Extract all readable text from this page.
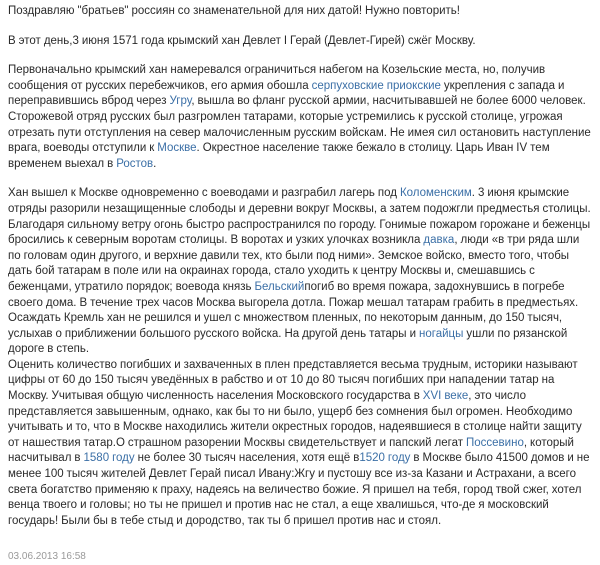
Поздравляю "братьев" россиян со знаменательной для них датой! Нужно повторить!

В этот день,3 июня 1571 года крымский хан Девлет I Герай (Девлет-Гирей) сжёг Москву.

Первоначально крымский хан намеревался ограничиться набегом на Козельские места, но, получив сообщения от русских перебежчиков, его армия обошла серпуховские приокские укрепления с запада и переправившись вброд через Угру, вышла во фланг русской армии, насчитывавшей не более 6000 человек. Сторожевой отряд русских был разгромлен татарами, которые устремились к русской столице, угрожая отрезать пути отступления на север малочисленным русским войскам. Не имея сил остановить наступление врага, воеводы отступили к Москве. Окрестное население также бежало в столицу. Царь Иван IV тем временем выехал в Ростов.

Хан вышел к Москве одновременно с воеводами и разграбил лагерь под Коломенским. 3 июня крымские отряды разорили незащищенные слободы и деревни вокруг Москвы, а затем подожгли предместья столицы. Благодаря сильному ветру огонь быстро распространился по городу. Гонимые пожаром горожане и беженцы бросились к северным воротам столицы. В воротах и узких улочках возникла давка, люди «в три ряда шли по головам один другого, и верхние давили тех, кто были под ними». Земское войско, вместо того, чтобы дать бой татарам в поле или на окраинах города, стало уходить к центру Москвы и, смешавшись с беженцами, утратило порядок; воевода князь Бельскийпогиб во время пожара, задохнувшись в погребе своего дома. В течение трех часов Москва выгорела дотла. Пожар мешал татарам грабить в предместьях. Осаждать Кремль хан не решился и ушел с множеством пленных, по некоторым данным, до 150 тысяч, услыхав о приближении большого русского войска. На другой день татары и ногайцы ушли по рязанской дороге в степь.

Оценить количество погибших и захваченных в плен представляется весьма трудным, историки называют цифры от 60 до 150 тысяч уведённых в рабство и от 10 до 80 тысяч погибших при нападении татар на Москву. Учитывая общую численность населения Московского государства в XVI веке, это число представляется завышенным, однако, как бы то ни было, ущерб без сомнения был огромен. Необходимо учитывать и то, что в Москве находились жители окрестных городов, надеявшиеся в столице найти защиту от нашествия татар.О страшном разорении Москвы свидетельствует и папский легат Поссевино, который насчитывал в 1580 году не более 30 тысяч населения, хотя ещё в1520 году в Москве было 41500 домов и не менее 100 тысяч жителей Девлет Герай писал Ивану:Жгу и пустошу все из-за Казани и Астрахани, а всего света богатство применяю к праху, надеясь на величество божие. Я пришел на тебя, город твой сжег, хотел венца твоего и головы; но ты не пришел и против нас не стал, а еще хвалишься, что-де я московский государь! Были бы в тебе стыд и дородство, так ты б пришел против нас и стоял.

03.06.2013 16:58
